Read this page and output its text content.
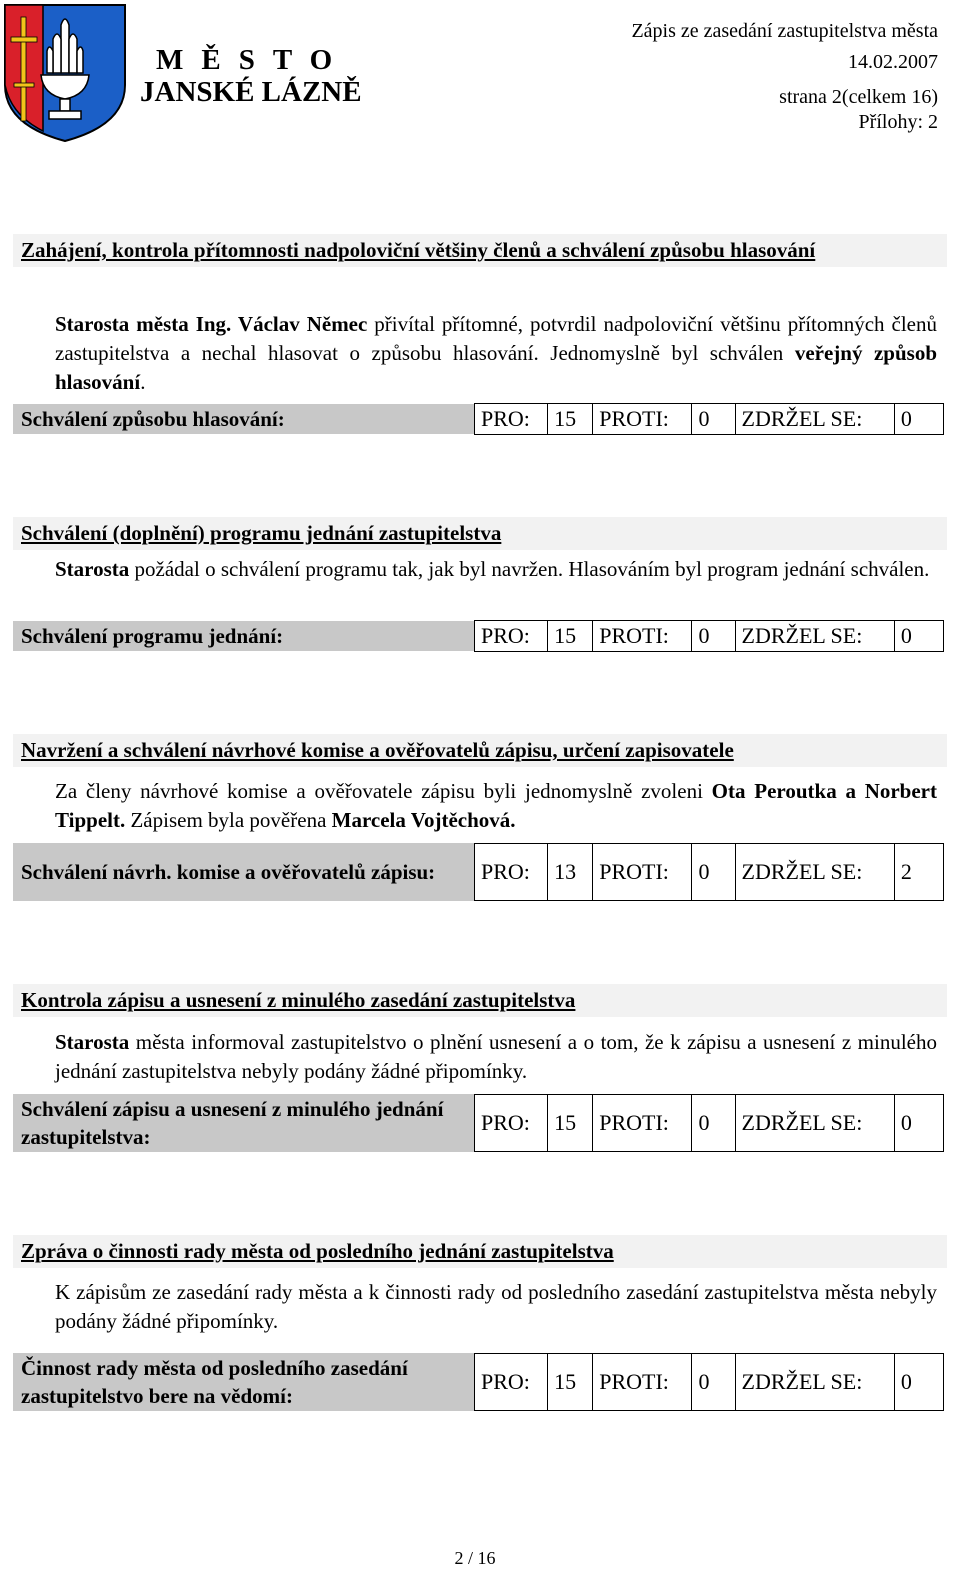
MĚSTO
JANSKÉ LÁZNĚ
Zápis ze zasedání zastupitelstva města
14.02.2007
strana 2(celkem 16)
Přílohy: 2
Zahájení, kontrola přítomnosti nadpoloviční většiny členů a schválení způsobu hlasování
Starosta města Ing. Václav Němec přivítal přítomné, potvrdil nadpoloviční většinu přítomných členů zastupitelstva a nechal hlasovat o způsobu hlasování. Jednomyslně byl schválen veřejný způsob hlasování.
Schválení způsobu hlasování:	PRO:	15	PROTI:	0	ZDRŽEL SE:	0
Schválení (doplnění) programu jednání zastupitelstva
Starosta požádal o schválení programu tak, jak byl navržen. Hlasováním byl program jednání schválen.
Schválení programu jednání:	PRO:	15	PROTI:	0	ZDRŽEL SE:	0
Navržení a schválení návrhové komise a ověřovatelů zápisu, určení zapisovatele
Za členy návrhové komise a ověřovatele zápisu byli jednomyslně zvoleni Ota Peroutka a Norbert Tippelt. Zápisem byla pověřena Marcela Vojtěchová.
Schválení návrh. komise a ověřovatelů zápisu: PRO:	13	PROTI:	0	ZDRŽEL SE:	2
Kontrola zápisu a usnesení z minulého zasedání zastupitelstva
Starosta města informoval zastupitelstvo o plnění usnesení a o tom, že k zápisu a usnesení z minulého jednání zastupitelstva nebyly podány žádné připomínky.
Schválení zápisu a usnesení z minulého jednání zastupitelstva:
PRO:	15	PROTI:	0	ZDRŽEL SE:	0
Zpráva o činnosti rady města od posledního jednání zastupitelstva
K zápisům ze zasedání rady města a k činnosti rady od posledního zasedání zastupitelstva města nebyly podány žádné připomínky.
Činnost rady města od posledního zasedání zastupitelstvo bere na vědomí:
PRO:	15	PROTI:	0	ZDRŽEL SE:	0
2 / 16
